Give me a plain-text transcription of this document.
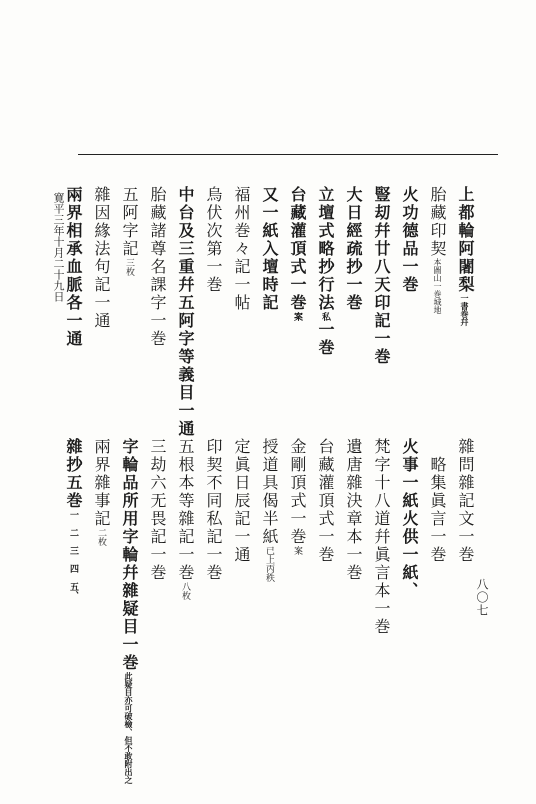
八〇七
上都輪阿闍梨一書巻幷
胎藏印契本圖山一巻城地
火功德品一巻
豎刧幷廿八天印記一巻
大日經疏抄一巻
立壇式略抄行法私一巻
台藏灌頂式一巻案
又一紙入壇時記
福州巻々記一帖
烏伏次第一巻
中台及三重幷五阿字等義目一通
胎藏諸尊名課字一巻
五阿字記三枚
雜因緣法句記一通
兩界相承血脈各一通
寛平三年十月二十九日
雜問雜記文一巻
略集眞言一巻
火事一紙火供一紙、
梵字十八道幷眞言本一巻
遺唐雜決章本一巻
台藏灌頂式一巻
金剛頂式一巻案
授道具偈半紙已上丙秩
定眞日辰記一通
印契不同私記一巻
五根本等雜記一巻八枚
三劫六无畏記一巻
字輪品所用字輪幷雜疑目一巻此疑目亦可破檢、但不敢附出之
兩界雜事記二枚
雜抄五巻一　二　三　四　五、
